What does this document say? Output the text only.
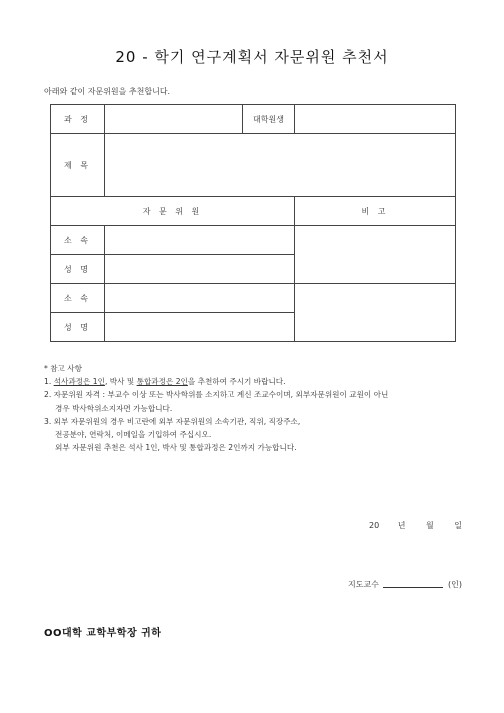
20 - 학기 연구계획서 자문위원 추천서
아래와 같이 자문위원을 추천합니다.
과 정		대학원생	
제 목			
자 문 위 원			비 고
소 속			
성 명			
소 속			
성 명			
* 참고 사항
1. 석사과정은 1인, 박사 및 통합과정은 2인을 추천하여 주시기 바랍니다.
2. 자문위원 자격 : 부교수 이상 또는 박사학위를 소지하고 계신 조교수이며, 외부자문위원이 교원이 아닌
경우 박사학위소지자면 가능합니다.
3. 외부 자문위원의 경우 비고란에 외부 자문위원의 소속기관, 직위, 직장주소,
전공분야, 연락처, 이메일을 기입하여 주십시오.
외부 자문위원 추천은 석사 1인, 박사 및 통합과정은 2인까지 가능합니다.
20 년	월	일
지도교수	(인)
OO대학 교학부학장 귀하
